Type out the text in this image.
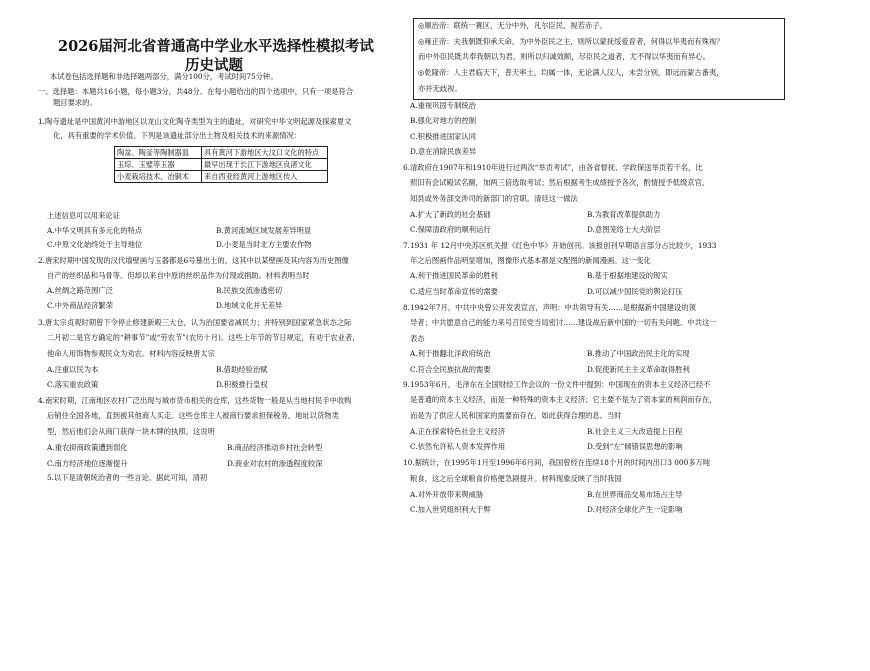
2026届河北省普通高中学业水平选择性模拟考试
历史试题
本试卷包括选择题和非选择题两部分，满分100分，考试时间75分钟。
一、选择题：本题共16小题，每小题3分，共48分。在每小题给出的四个选项中，只有一项是符合
题目要求的。
1.陶寺遗址是中国黄河中游地区以龙山文化陶寺类型为主的遗址，对研究中华文明起源及探索夏文
化，具有重要的学术价值。下列是该遗址部分出土物及相关技术的来源情况：
陶盆、陶釜等陶制器皿	具有黄河下游地区大汶口文化的特点
玉琮、玉璧等玉器	最早出现于长江下游地区良渚文化
小麦栽培技术、冶铜术	来自西亚经黄河上游地区传入
上述信息可以用来论证
A.中华文明具有多元化的特点	B.黄河流域区域发展差异明显
C.中原文化始终处于主导地位	D.小麦是当时北方主要农作物
2.唐宋时期中国发现的汉代墙壁画与玉器都是6号墓出土的。这其中以某壁画及其内容为历史图像
自产的丝织品和马骨等。但却以来自中原的丝织品作为付现或捐助。材料表明当时
A.丝绸之路范围广泛	B.民族交流渗透密切
C.中外商品经济繁荣	D.地域文化并无差异
3.唐太宗贞观时期曾下令停止修建新殿三大仓，认为治国要省减民力；并特别到国家紧急状态之际
二月初二是官方确定的“耕事节”或“劳农节”(农历十月)。这些上年节的节日规定，有劝于农业者，
他命人用饰物参观民众为劝农。材料内容反映唐太宗
A.注重以民为本	B.借助经验治赋
C.落实重农政策	D.积极推行皇权
4.南宋时期，江南地区农村广泛出现与城市货币相关的仓库，这些货物一般是从当地村民手中收购
后销往全国各地，直到被其他商人买走。这些仓库主人被商行要求担保税务，地址以货物类
型，然后他们会从商门获得一块木牌的执照。这说明
A.重农抑商政策遭到弱化	B.商品经济推动乡村社会转型
C.南方经济地位逐渐提升	D.商业对农村的渗透程度较深
5.以下是清朝统治者的一些言论。据此可知，清初
◎顺治帝：联统一赛区，无分中外，凡尔臣民，视若赤子。
◎雍正帝：夫我朝既仰承天命，为中外臣民之主，则所以蒙抚绥爱育者，何得以华夷而有殊视？
而中外臣民既共奉我朝以为君，则所以归诚效顺，尽臣民之道者，尤不得以华夷而有异心。
◎乾隆帝：人主君临天下，普天率土，均属一体，无论满人汉人，未尝分别，即远而蒙古番夷，
亦并无歧视。
A.重视巩固专制统治
B.强化对地方的控制
C.积极推进国家认同
D.意在消除民族差异
6.清政府在1907年和1910年进行过两次“举贡考试”，由各省督抚、学政保送举贡若干名，比
照旧有会试殿试名额，加两三倍选取考试；然后根据考生成绩授予各次，酌情授予低级京官、
知县或外务部交涉司的新部门的官职。清廷这一做法
A.扩大了新政的社会基础	B.为教育改革提供助力
C.保障清政府的顺利运行	D.意图笼络士大夫阶层
7.1931 年 12月中央苏区机关报《红色中华》开始创刊。该报创刊早期语言部分占比较少，1933
年之后图画作品明显增加，图像形式基本都是文配图的新闻漫画。这一变化
A.利于推进国民革命的胜利	B.基于根据地建设的现实
C.适应当时革命宣传的需要	D.可以减少国民党的舆论打压
8.1942年7月，中共中央曾公开发表宣言，声明：中共领导有关……是根据新中国建设的领
导者；中共愿意自己的能力来号召民党当局密讨……建设战后新中国的一切有关问题。中共这一
表态
A.利于推翻北洋政府统治	B.推动了中国政治民主化的实现
C.符合全民族抗战的需要	D.促使新民主主义革命取得胜利
9.1953年6月，毛泽东在全国财经工作会议的一份文件中提到：中国现在的资本主义经济已经不
是普通的资本主义经济，而是一种特殊的资本主义经济；它主要不是为了资本家的利润而存在，
而是为了供应人民和国家的需要而存在，如此获得合理的息。当时
A.正在探索特色社会主义经济	B.社会主义三大改造提上日程
C.依然允许私人资本发挥作用	D.受到“左”倾错误思想的影响
10.据统计，在1995年1月至1996年6月间，我国曾经在连续18个月的时间内出口3 000多万吨
粮食，这之后全球粮食价格便急剧提升。材料现象反映了当时我国
A.对外开放带来舆威胁	B.在世界商品交易市场占主导
C.加入世贸组织利大于弊	D.对经济全球化产生一定影响
